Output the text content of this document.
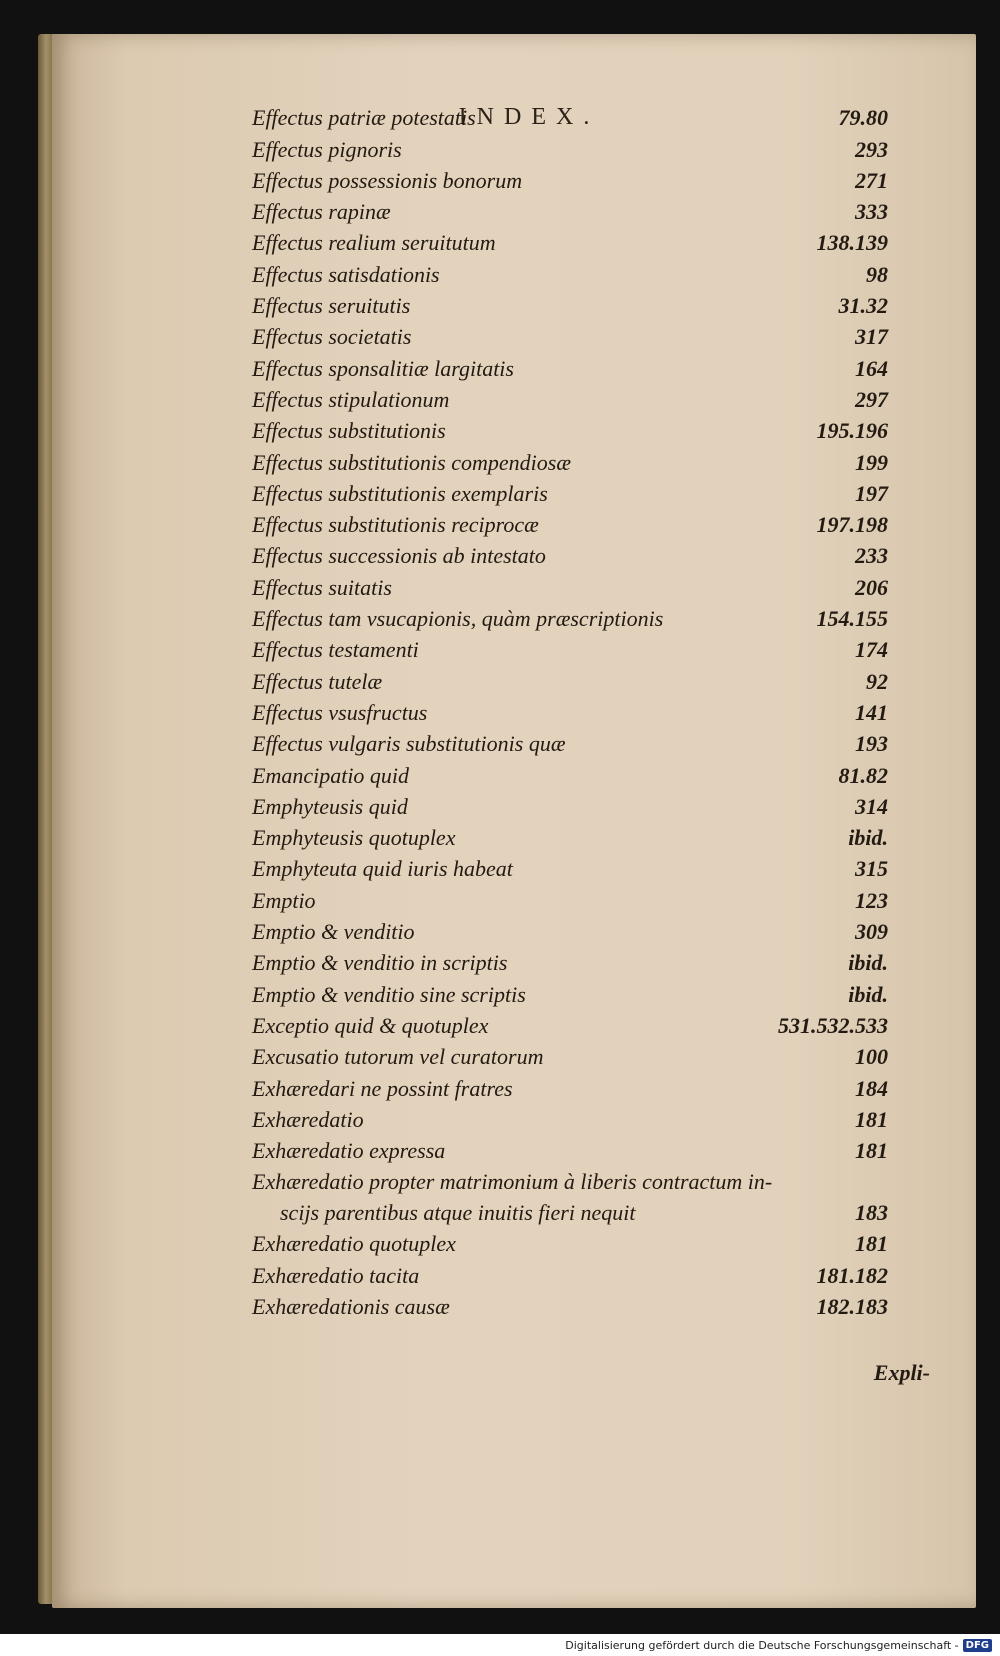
INDEX.
Effectus patriæ potestatis	79.80
Effectus pignoris	293
Effectus possessionis bonorum	271
Effectus rapinæ	333
Effectus realium seruitutum	138.139
Effectus satisdationis	98
Effectus seruitutis	31.32
Effectus societatis	317
Effectus sponsalitiæ largitatis	164
Effectus stipulationum	297
Effectus substitutionis	195.196
Effectus substitutionis compendiosæ	199
Effectus substitutionis exemplaris	197
Effectus substitutionis reciprocæ	197.198
Effectus successionis ab intestato	233
Effectus suitatis	206
Effectus tam vsucapionis, quàm præscriptionis	154.155
Effectus testamenti	174
Effectus tutelæ	92
Effectus vsusfructus	141
Effectus vulgaris substitutionis quæ	193
Emancipatio quid	81.82
Emphyteusis quid	314
Emphyteusis quotuplex	ibid.
Emphyteuta quid iuris habeat	315
Emptio	123
Emptio & venditio	309
Emptio & venditio in scriptis	ibid.
Emptio & venditio sine scriptis	ibid.
Exceptio quid & quotuplex	531.532.533
Excusatio tutorum vel curatorum	100
Exhæredari ne possint fratres	184
Exhæredatio	181
Exhæredatio expressa	181
Exhæredatio propter matrimonium à liberis contractum in-
scijs parentibus atque inuitis fieri nequit	183
Exhæredatio quotuplex	181
Exhæredatio tacita	181.182
Exhæredationis causæ	182.183
Expli-
Digitalisierung gefördert durch die Deutsche Forschungsgemeinschaft - DFG
